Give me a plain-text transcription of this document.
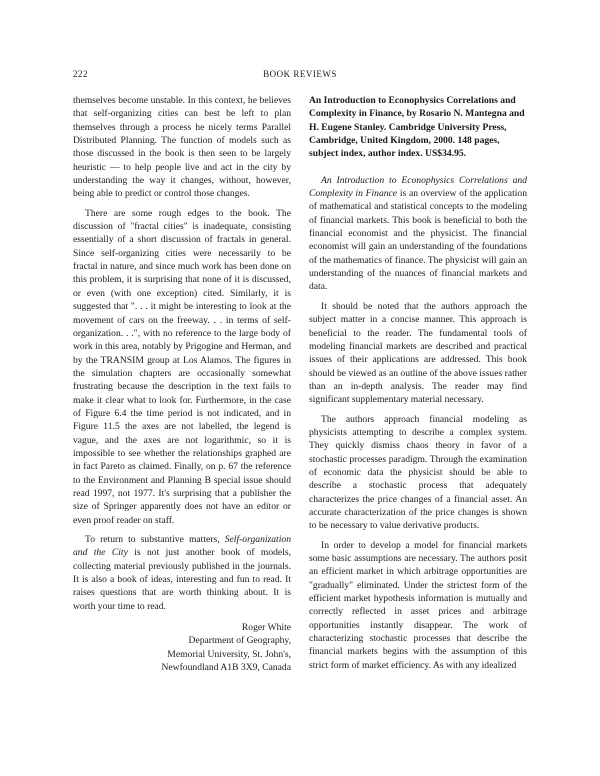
222	BOOK REVIEWS

themselves become unstable. In this context, he believes that self-organizing cities can best be left to plan themselves through a process he nicely terms Parallel Distributed Planning. The function of models such as those discussed in the book is then seen to be largely heuristic — to help people live and act in the city by understanding the way it changes, without, however, being able to predict or control those changes.

There are some rough edges to the book. The discussion of "fractal cities" is inadequate, consisting essentially of a short discussion of fractals in general. Since self-organizing cities were necessarily to be fractal in nature, and since much work has been done on this problem, it is surprising that none of it is discussed, or even (with one exception) cited. Similarly, it is suggested that ". . . it might be interesting to look at the movement of cars on the freeway. . . in terms of self-organization. . .", with no reference to the large body of work in this area, notably by Prigogine and Herman, and by the TRANSIM group at Los Alamos. The figures in the simulation chapters are occasionally somewhat frustrating because the description in the text fails to make it clear what to look for. Furthermore, in the case of Figure 6.4 the time period is not indicated, and in Figure 11.5 the axes are not labelled, the legend is vague, and the axes are not logarithmic, so it is impossible to see whether the relationships graphed are in fact Pareto as claimed. Finally, on p. 67 the reference to the Environment and Planning B special issue should read 1997, not 1977. It's surprising that a publisher the size of Springer apparently does not have an editor or even proof reader on staff.

To return to substantive matters, Self-organization and the City is not just another book of models, collecting material previously published in the journals. It is also a book of ideas, interesting and fun to read. It raises questions that are worth thinking about. It is worth your time to read.

Roger White
Department of Geography,
Memorial University, St. John's,
Newfoundland A1B 3X9, Canada

An Introduction to Econophysics Correlations and Complexity in Finance, by Rosario N. Mantegna and H. Eugene Stanley. Cambridge University Press, Cambridge, United Kingdom, 2000. 148 pages, subject index, author index. US$34.95.

An Introduction to Econophysics Correlations and Complexity in Finance is an overview of the application of mathematical and statistical concepts to the modeling of financial markets. This book is beneficial to both the financial economist and the physicist. The financial economist will gain an understanding of the foundations of the mathematics of finance. The physicist will gain an understanding of the nuances of financial markets and data.

It should be noted that the authors approach the subject matter in a concise manner. This approach is beneficial to the reader. The fundamental tools of modeling financial markets are described and practical issues of their applications are addressed. This book should be viewed as an outline of the above issues rather than an in-depth analysis. The reader may find significant supplementary material necessary.

The authors approach financial modeling as physicists attempting to describe a complex system. They quickly dismiss chaos theory in favor of a stochastic processes paradigm. Through the examination of economic data the physicist should be able to describe a stochastic process that adequately characterizes the price changes of a financial asset. An accurate characterization of the price changes is shown to be necessary to value derivative products.

In order to develop a model for financial markets some basic assumptions are necessary. The authors posit an efficient market in which arbitrage opportunities are "gradually" eliminated. Under the strictest form of the efficient market hypothesis information is mutually and correctly reflected in asset prices and arbitrage opportunities instantly disappear. The work of characterizing stochastic processes that describe the financial markets begins with the assumption of this strict form of market efficiency. As with any idealized
